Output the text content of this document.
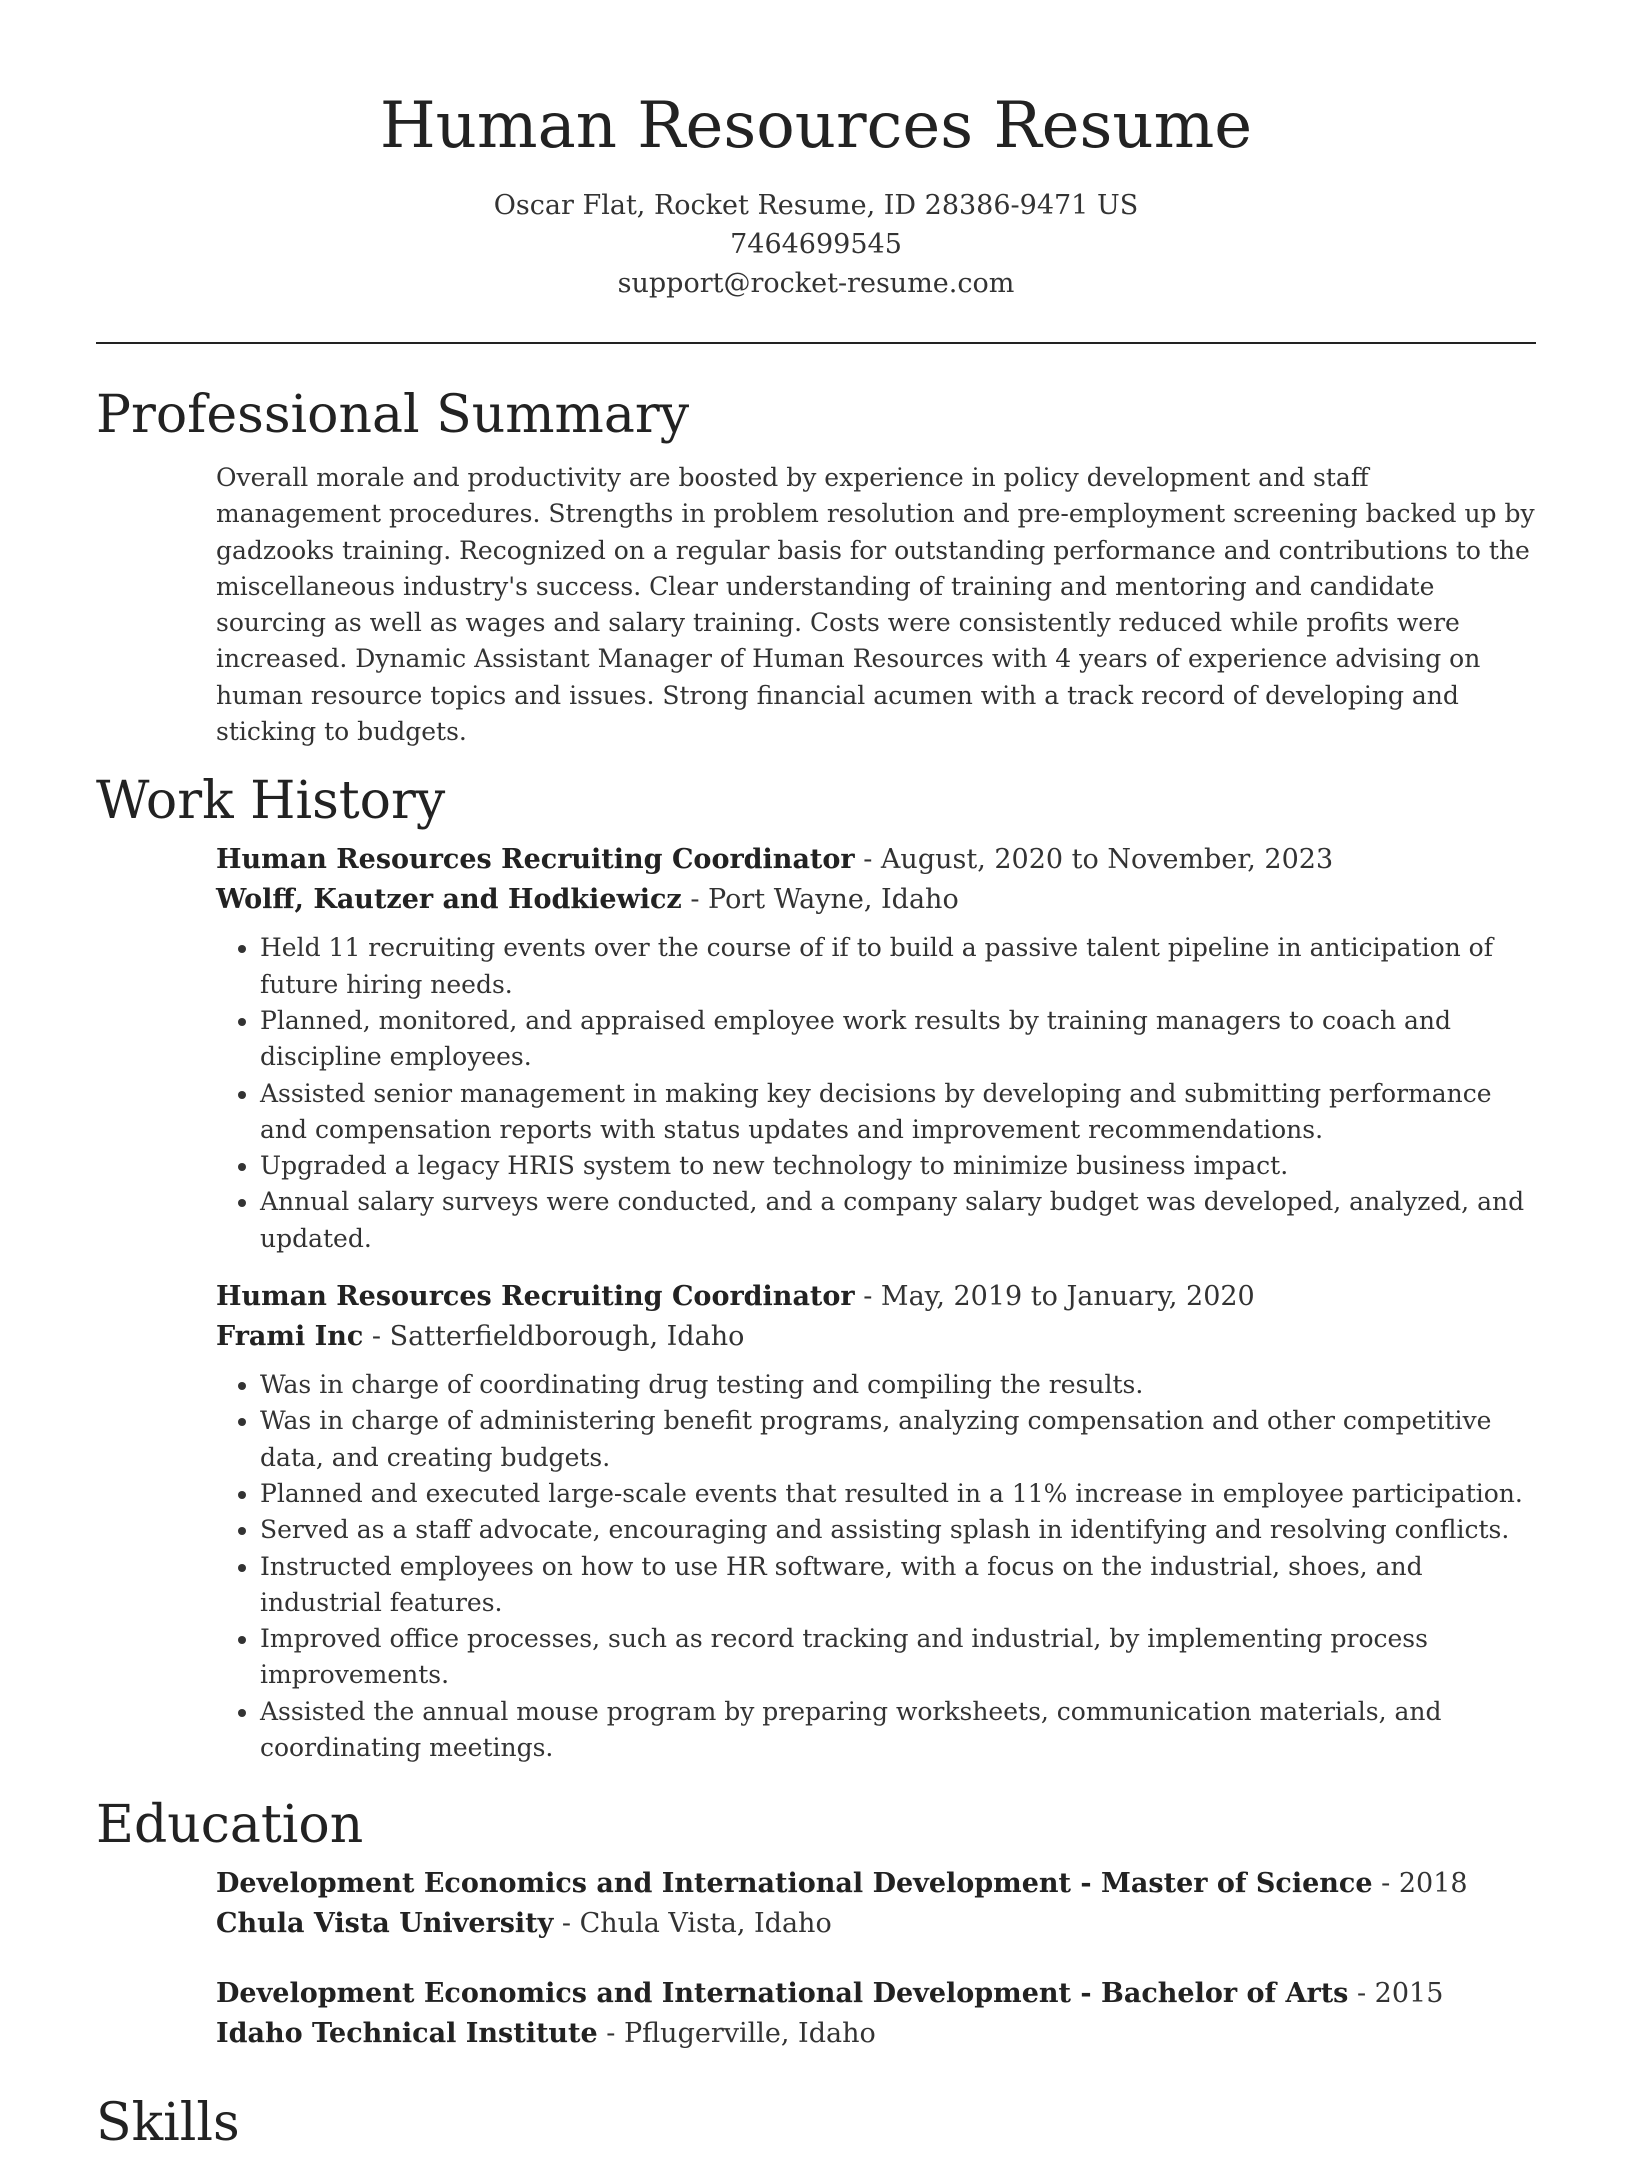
Human Resources Resume
Oscar Flat, Rocket Resume, ID 28386-9471 US
7464699545
support@rocket-resume.com
Professional Summary

Overall morale and productivity are boosted by experience in policy development and staff management procedures. Strengths in problem resolution and pre-employment screening backed up by gadzooks training. Recognized on a regular basis for outstanding performance and contributions to the miscellaneous industry's success. Clear understanding of training and mentoring and candidate sourcing as well as wages and salary training. Costs were consistently reduced while profits were increased. Dynamic Assistant Manager of Human Resources with 4 years of experience advising on human resource topics and issues. Strong financial acumen with a track record of developing and sticking to budgets.

Work History
Human Resources Recruiting Coordinator - August, 2020 to November, 2023
Wolff, Kautzer and Hodkiewicz - Port Wayne, Idaho
• Held 11 recruiting events over the course of if to build a passive talent pipeline in anticipation of future hiring needs.
• Planned, monitored, and appraised employee work results by training managers to coach and discipline employees.
• Assisted senior management in making key decisions by developing and submitting performance and compensation reports with status updates and improvement recommendations.
• Upgraded a legacy HRIS system to new technology to minimize business impact.
• Annual salary surveys were conducted, and a company salary budget was developed, analyzed, and updated.
Human Resources Recruiting Coordinator - May, 2019 to January, 2020
Frami Inc - Satterfieldborough, Idaho
• Was in charge of coordinating drug testing and compiling the results.
• Was in charge of administering benefit programs, analyzing compensation and other competitive data, and creating budgets.
• Planned and executed large-scale events that resulted in a 11% increase in employee participation.
• Served as a staff advocate, encouraging and assisting splash in identifying and resolving conflicts.
• Instructed employees on how to use HR software, with a focus on the industrial, shoes, and industrial features.
• Improved office processes, such as record tracking and industrial, by implementing process improvements.
• Assisted the annual mouse program by preparing worksheets, communication materials, and coordinating meetings.
Education
Development Economics and International Development - Master of Science - 2018
Chula Vista University - Chula Vista, Idaho
Development Economics and International Development - Bachelor of Arts - 2015
Idaho Technical Institute - Pflugerville, Idaho
Skills
